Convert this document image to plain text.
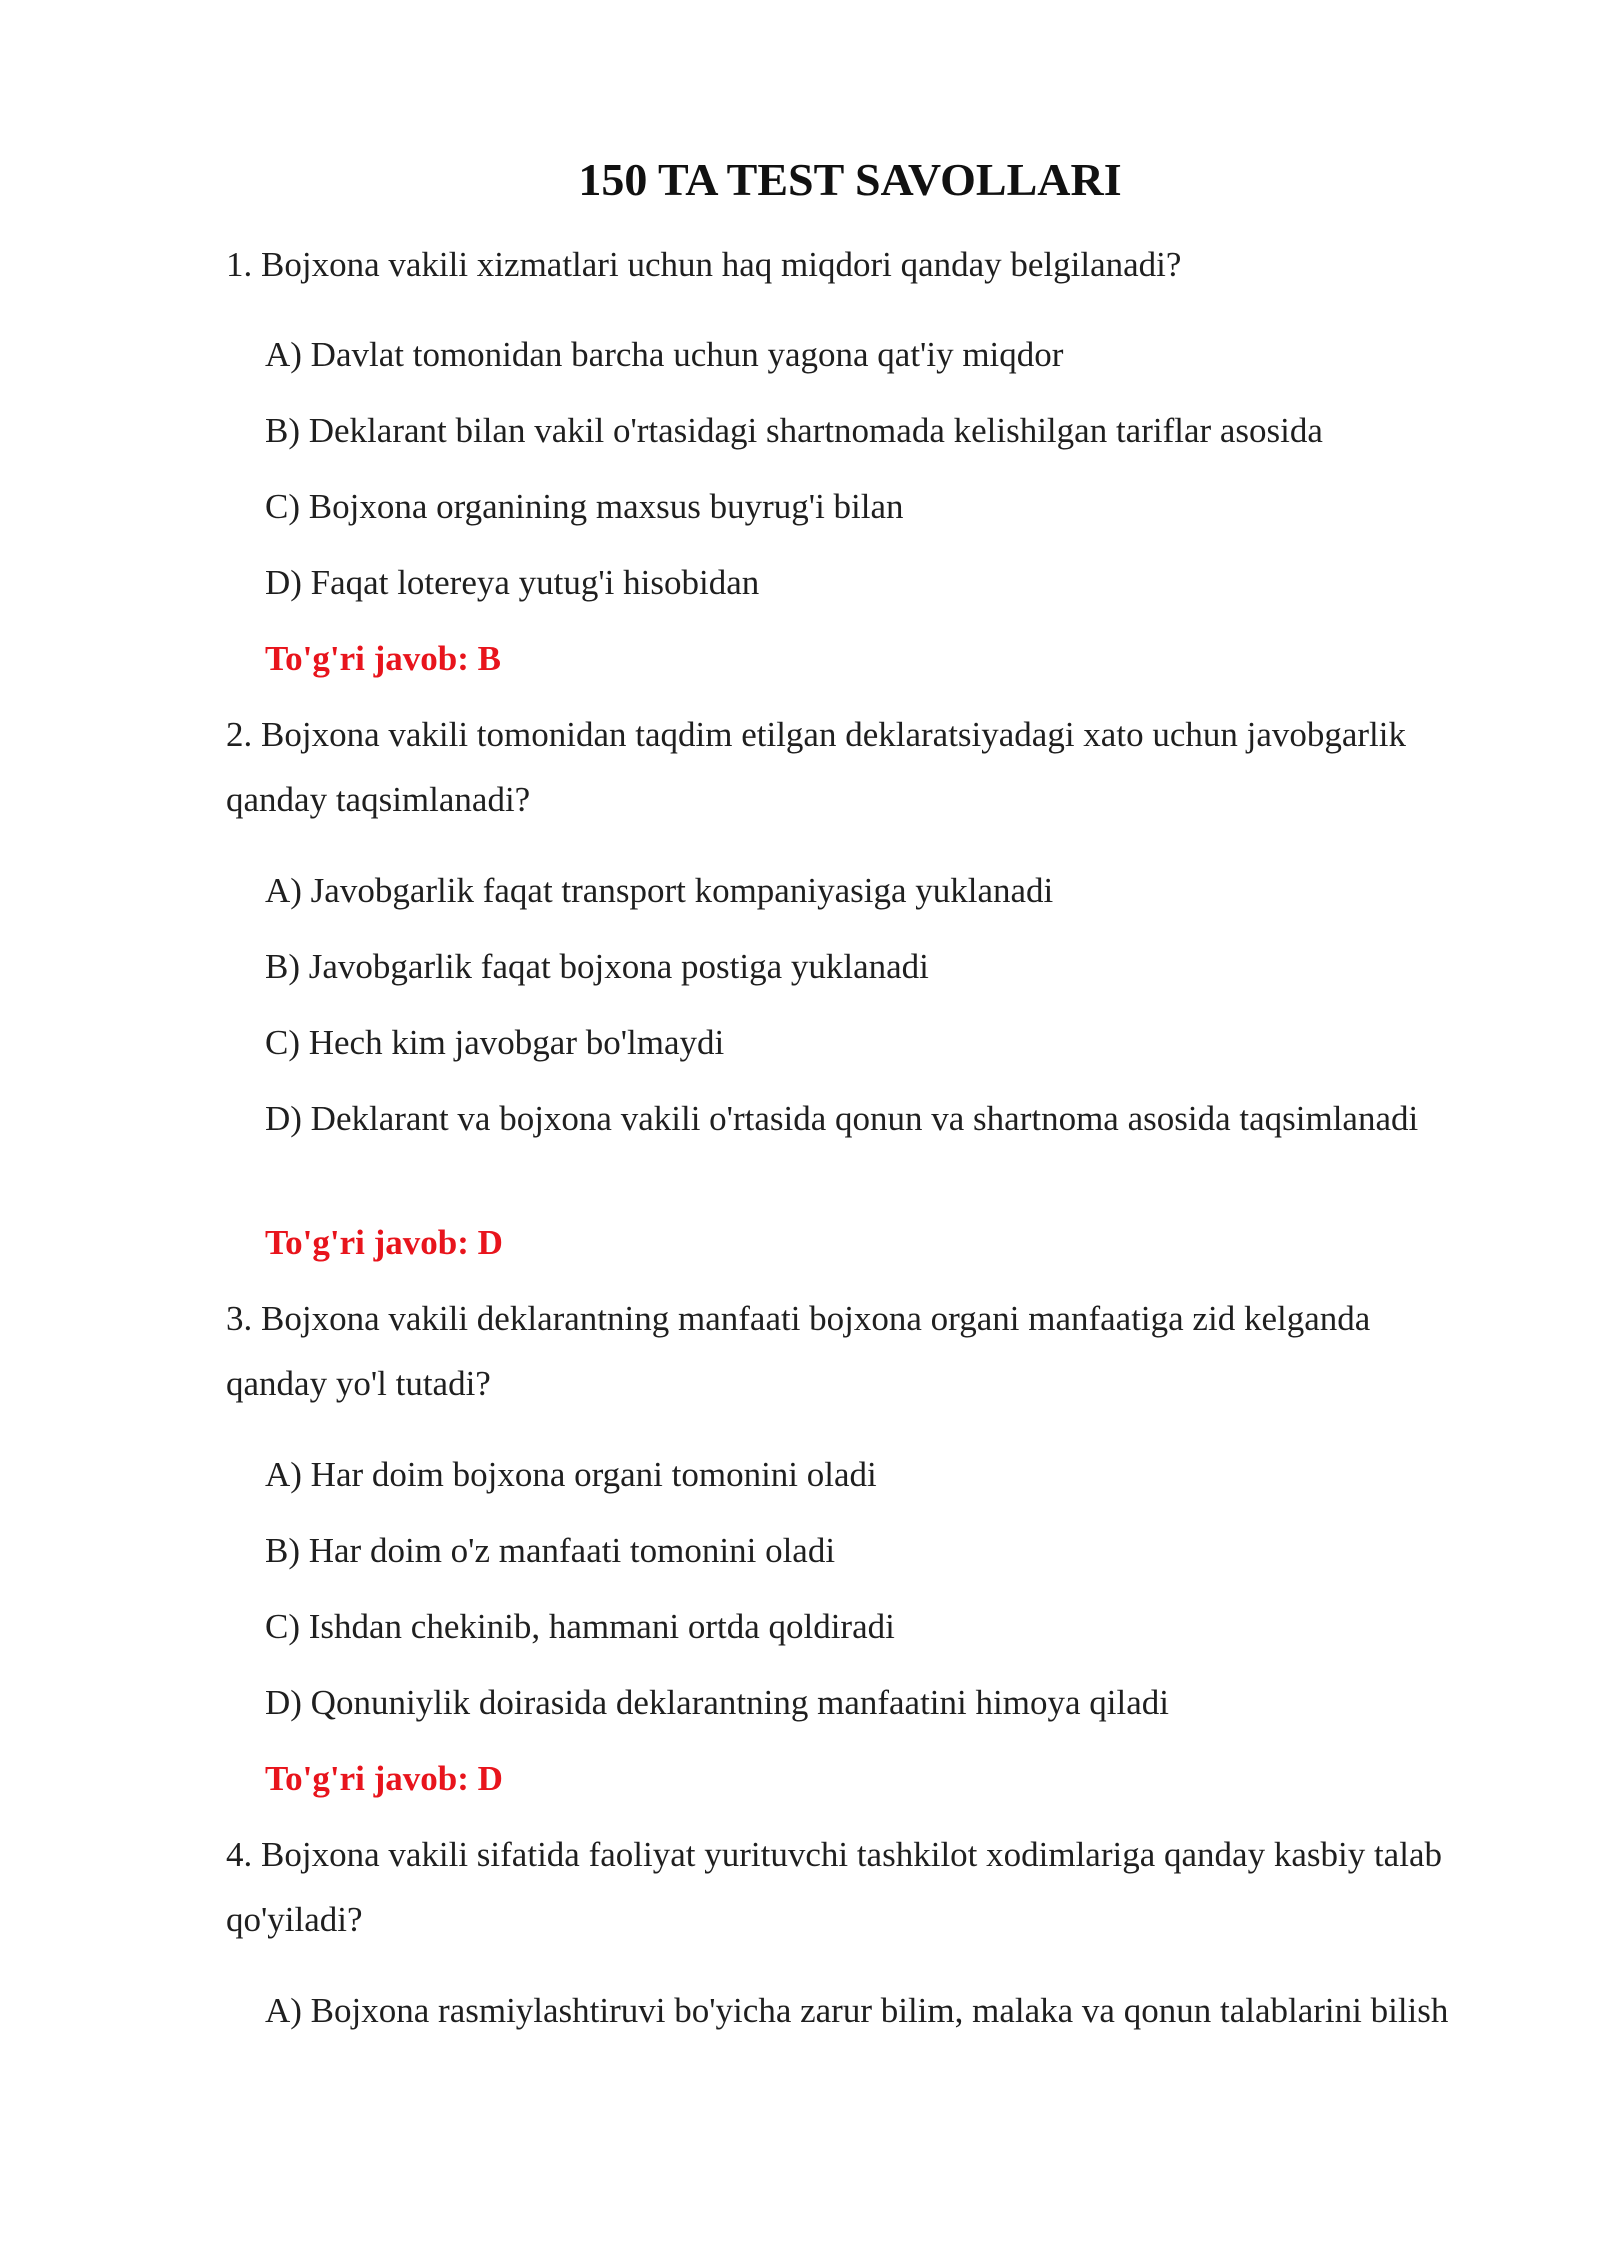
150 TA TEST SAVOLLARI
1. Bojxona vakili xizmatlari uchun haq miqdori qanday belgilanadi?
A) Davlat tomonidan barcha uchun yagona qat'iy miqdor
B) Deklarant bilan vakil o'rtasidagi shartnomada kelishilgan tariflar asosida
C) Bojxona organining maxsus buyrug'i bilan
D) Faqat lotereya yutug'i hisobidan
To'g'ri javob: B
2. Bojxona vakili tomonidan taqdim etilgan deklaratsiyadagi xato uchun javobgarlik qanday taqsimlanadi?
A) Javobgarlik faqat transport kompaniyasiga yuklanadi
B) Javobgarlik faqat bojxona postiga yuklanadi
C) Hech kim javobgar bo'lmaydi
D) Deklarant va bojxona vakili o'rtasida qonun va shartnoma asosida taqsimlanadi
To'g'ri javob: D
3. Bojxona vakili deklarantning manfaati bojxona organi manfaatiga zid kelganda qanday yo'l tutadi?
A) Har doim bojxona organi tomonini oladi
B) Har doim o'z manfaati tomonini oladi
C) Ishdan chekinib, hammani ortda qoldiradi
D) Qonuniylik doirasida deklarantning manfaatini himoya qiladi
To'g'ri javob: D
4. Bojxona vakili sifatida faoliyat yurituvchi tashkilot xodimlariga qanday kasbiy talab qo'yiladi?
A) Bojxona rasmiylashtiruvi bo'yicha zarur bilim, malaka va qonun talablarini bilish
